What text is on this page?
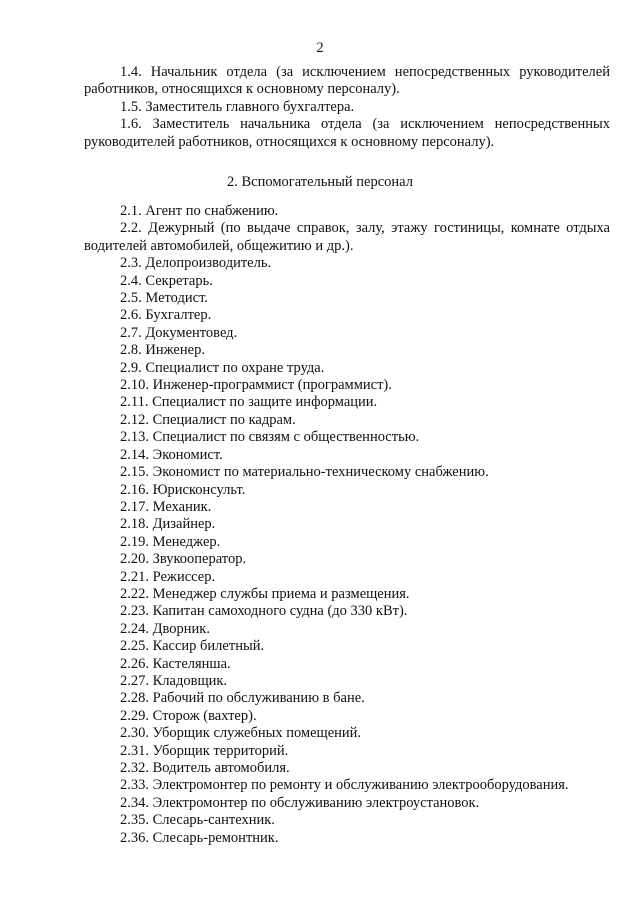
2

1.4. Начальник отдела (за исключением непосредственных руководителей работников, относящихся к основному персоналу).

1.5. Заместитель главного бухгалтера.

1.6. Заместитель начальника отдела (за исключением непосредственных руководителей работников, относящихся к основному персоналу).

2. Вспомогательный персонал
2.1. Агент по снабжению.
2.2. Дежурный (по выдаче справок, залу, этажу гостиницы, комнате отдыха водителей автомобилей, общежитию и др.).
2.3. Делопроизводитель.
2.4. Секретарь.
2.5. Методист.
2.6. Бухгалтер.
2.7. Документовед.
2.8. Инженер.
2.9. Специалист по охране труда.
2.10. Инженер-программист (программист).
2.11. Специалист по защите информации.
2.12. Специалист по кадрам.
2.13. Специалист по связям с общественностью.
2.14. Экономист.
2.15. Экономист по материально-техническому снабжению.
2.16. Юрисконсульт.
2.17. Механик.
2.18. Дизайнер.
2.19. Менеджер.
2.20. Звукооператор.
2.21. Режиссер.
2.22. Менеджер службы приема и размещения.
2.23. Капитан самоходного судна (до 330 кВт).
2.24. Дворник.
2.25. Кассир билетный.
2.26. Кастелянша.
2.27. Кладовщик.
2.28. Рабочий по обслуживанию в бане.
2.29. Сторож (вахтер).
2.30. Уборщик служебных помещений.
2.31. Уборщик территорий.
2.32. Водитель автомобиля.
2.33. Электромонтер по ремонту и обслуживанию электрооборудования.
2.34. Электромонтер по обслуживанию электроустановок.
2.35. Слесарь-сантехник.
2.36. Слесарь-ремонтник.
